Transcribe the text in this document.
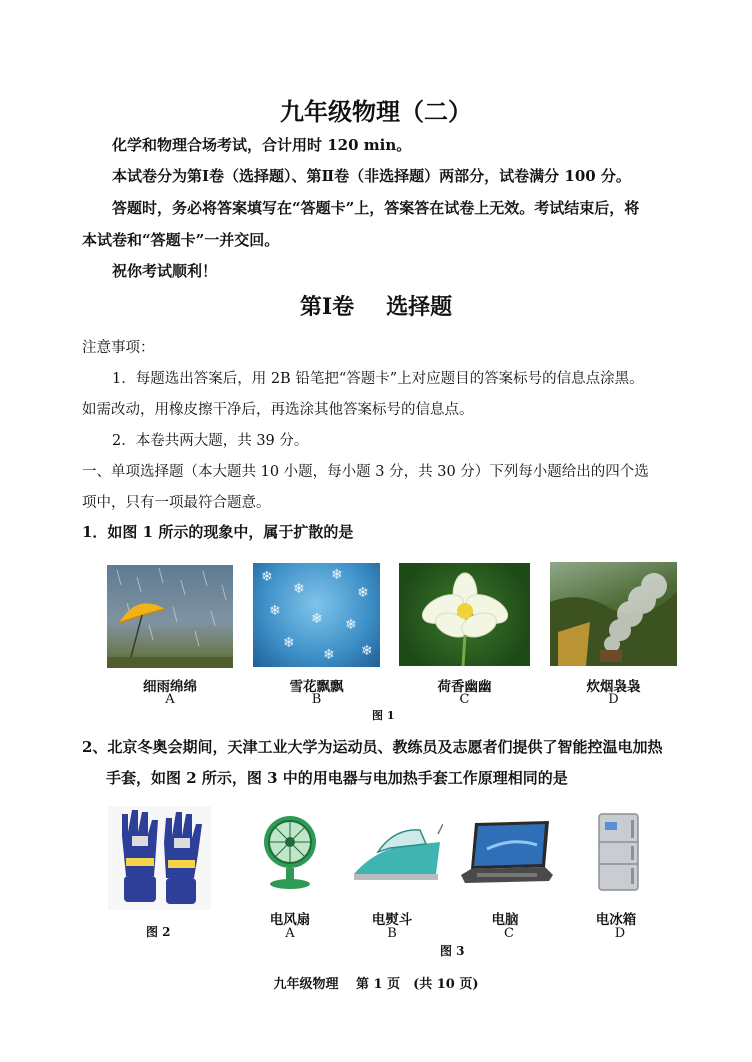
九年级物理（二）
化学和物理合场考试，合计用时 120 min。
本试卷分为第Ⅰ卷（选择题）、第Ⅱ卷（非选择题）两部分，试卷满分 100 分。
答题时，务必将答案填写在“答题卡”上，答案答在试卷上无效。考试结束后，将
本试卷和“答题卡”一并交回。
祝你考试顺利！
第Ⅰ卷 选择题
注意事项：
1．每题选出答案后，用 2B 铅笔把“答题卡”上对应题目的答案标号的信息点涂黑。
如需改动，用橡皮擦干净后，再选涂其他答案标号的信息点。
2．本卷共两大题，共 39 分。
一、单项选择题（本大题共 10 小题，每小题 3 分，共 30 分）下列每小题给出的四个选
项中，只有一项最符合题意。
1．如图 1 所示的现象中，属于扩散的是
❄
❄
❄
❄
❄ ❄ ❄
❄
❄ ❄
细雨绵绵
A
雪花飘飘
B
荷香幽幽
C
炊烟袅袅
D
图 1
2、北京冬奥会期间，天津工业大学为运动员、教练员及志愿者们提供了智能控温电加热
手套，如图 2 所示，图 3 中的用电器与电加热手套工作原理相同的是
图 2
电风扇
A
电熨斗
B
电脑
C
电冰箱
D
图 3
九年级物理　 第 1 页　(共 10 页)
